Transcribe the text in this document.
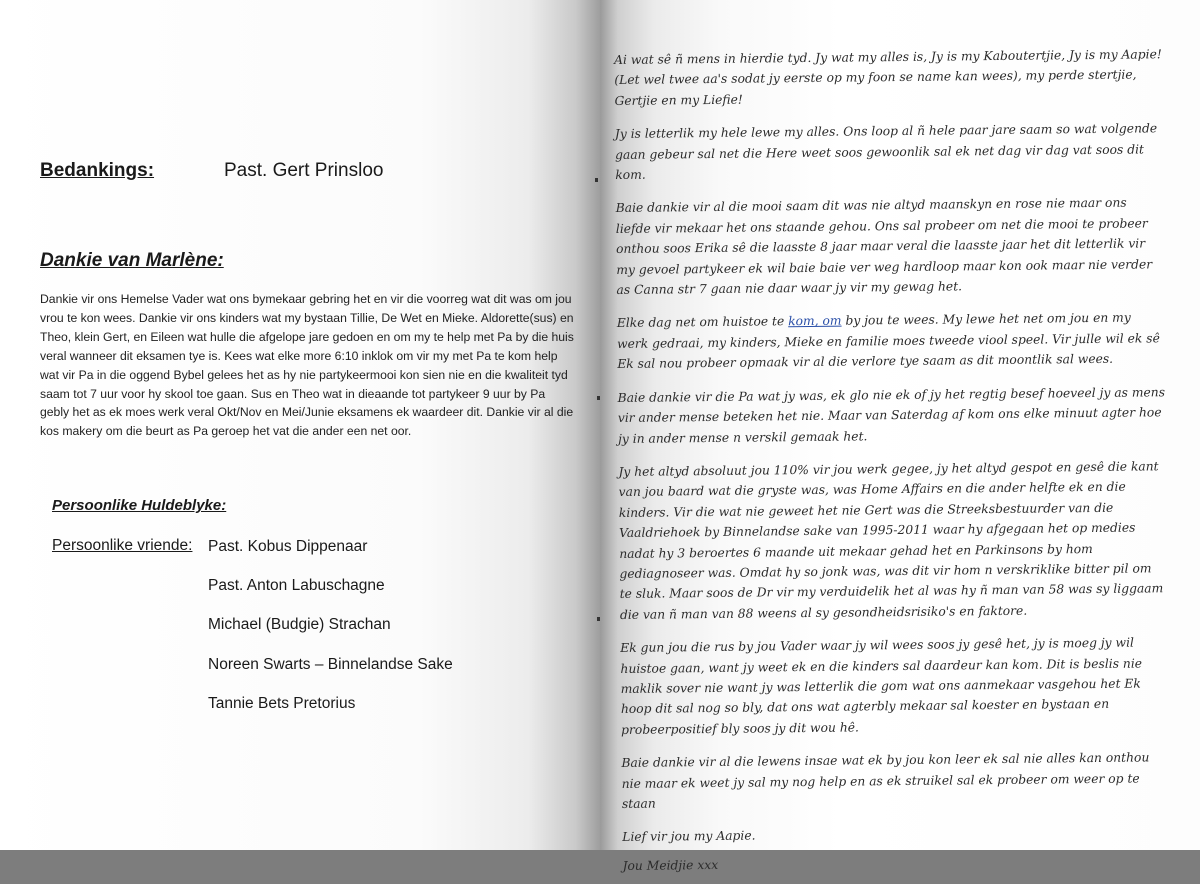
Bedankings:	Past. Gert Prinsloo
Dankie van Marlène:
Dankie vir ons Hemelse Vader wat ons bymekaar gebring het en vir die voorreg wat dit was om jou vrou te kon wees. Dankie vir ons kinders wat my bystaan Tillie, De Wet en Mieke. Aldorette(sus) en Theo, klein Gert, en Eileen wat hulle die afgelope jare gedoen en om my te help met Pa by die huis veral wanneer dit eksamen tye is. Kees wat elke more 6:10 inklok om vir my met Pa te kom help wat vir Pa in die oggend Bybel gelees het as hy nie partykeermooi kon sien nie en die kwaliteit tyd saam tot 7 uur voor hy skool toe gaan. Sus en Theo wat in dieaande tot partykeer 9 uur by Pa gebly het as ek moes werk veral Okt/Nov en Mei/Junie eksamens ek waardeer dit. Dankie vir al die kos makery om die beurt as Pa geroep het vat die ander een net oor.
Persoonlike Huldeblyke:
Persoonlike vriende: Past. Kobus Dippenaar
Past. Anton Labuschagne
Michael (Budgie) Strachan
Noreen Swarts – Binnelandse Sake
Tannie Bets Pretorius

Ai wat sê ñ mens in hierdie tyd. Jy wat my alles is, Jy is my Kaboutertjie, Jy is my Aapie! (Let wel twee aa's sodat jy eerste op my foon se name kan wees), my perde stertjie, Gertjie en my Liefie!

Jy is letterlik my hele lewe my alles. Ons loop al ñ hele paar jare saam so wat volgende gaan gebeur sal net die Here weet soos gewoonlik sal ek net dag vir dag vat soos dit kom.

Baie dankie vir al die mooi saam dit was nie altyd maanskyn en rose nie maar ons liefde vir mekaar het ons staande gehou. Ons sal probeer om net die mooi te probeer onthou soos Erika sê die laasste 8 jaar maar veral die laasste jaar het dit letterlik vir my gevoel partykeer ek wil baie baie ver weg hardloop maar kon ook maar nie verder as Canna str 7 gaan nie daar waar jy vir my gewag het.

Elke dag net om huistoe te kom, om by jou te wees. My lewe het net om jou en my werk gedraai, my kinders, Mieke en familie moes tweede viool speel. Vir julle wil ek sê Ek sal nou probeer opmaak vir al die verlore tye saam as dit moontlik sal wees.

Baie dankie vir die Pa wat jy was, ek glo nie ek of jy het regtig besef hoeveel jy as mens vir ander mense beteken het nie. Maar van Saterdag af kom ons elke minuut agter hoe jy in ander mense n verskil gemaak het.

Jy het altyd absoluut jou 110% vir jou werk gegee, jy het altyd gespot en gesê die kant van jou baard wat die gryste was, was Home Affairs en die ander helfte ek en die kinders. Vir die wat nie geweet het nie Gert was die Streeksbestuurder van die Vaaldriehoek by Binnelandse sake van 1995-2011 waar hy afgegaan het op medies nadat hy 3 beroertes 6 maande uit mekaar gehad het en Parkinsons by hom gediagnoseer was. Omdat hy so jonk was, was dit vir hom n verskriklike bitter pil om te sluk. Maar soos de Dr vir my verduidelik het al was hy ñ man van 58 was sy liggaam die van ñ man van 88 weens al sy gesondheidsrisiko's en faktore.

Ek gun jou die rus by jou Vader waar jy wil wees soos jy gesê het, jy is moeg jy wil huistoe gaan, want jy weet ek en die kinders sal daardeur kan kom. Dit is beslis nie maklik sover nie want jy was letterlik die gom wat ons aanmekaar vasgehou het Ek hoop dit sal nog so bly, dat ons wat agterbly mekaar sal koester en bystaan en probeerpositief bly soos jy dit wou hê.

Baie dankie vir al die lewens insae wat ek by jou kon leer ek sal nie alles kan onthou nie maar ek weet jy sal my nog help en as ek struikel sal ek probeer om weer op te staan

Lief vir jou my Aapie.

Jou Meidjie xxx
